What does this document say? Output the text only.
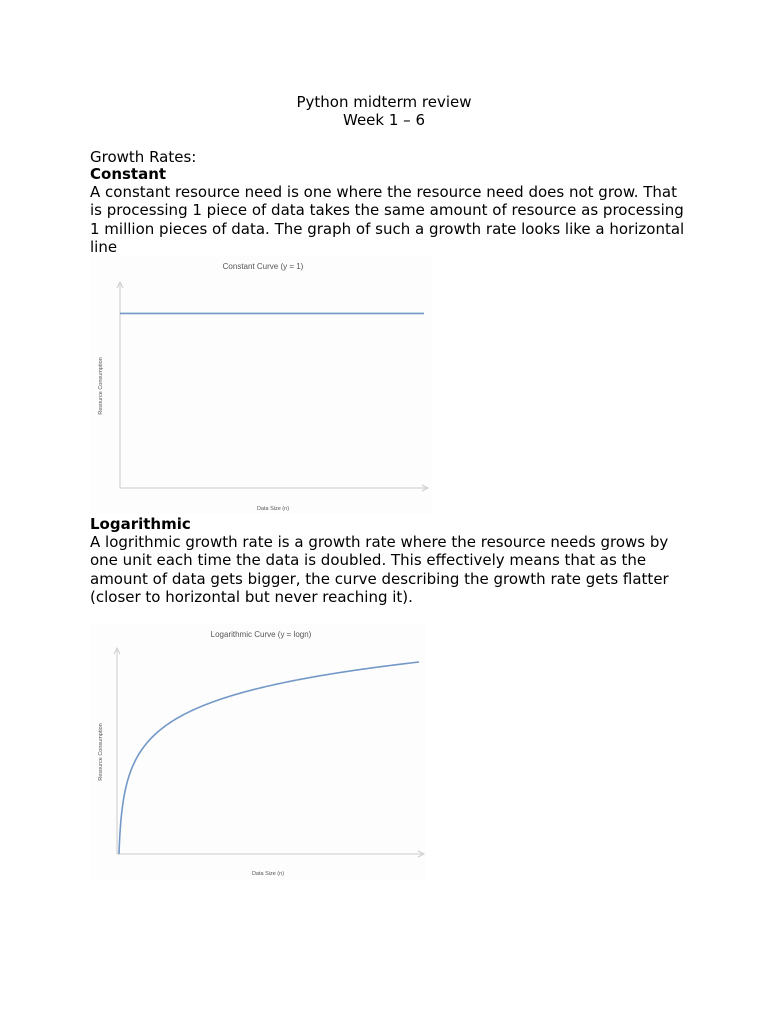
Python midterm review

Week 1 – 6

Growth Rates:

Constant

A constant resource need is one where the resource need does not grow. That is processing 1 piece of data takes the same amount of resource as processing 1 million pieces of data. The graph of such a growth rate looks like a horizontal line

Constant Curve (y = 1)
Resource Consumption
Data Size (n)

Logarithmic

A logrithmic growth rate is a growth rate where the resource needs grows by one unit each time the data is doubled. This effectively means that as the amount of data gets bigger, the curve describing the growth rate gets flatter (closer to horizontal but never reaching it).

Logarithmic Curve (y = logn)
Resource Consumption
Data Size (n)
